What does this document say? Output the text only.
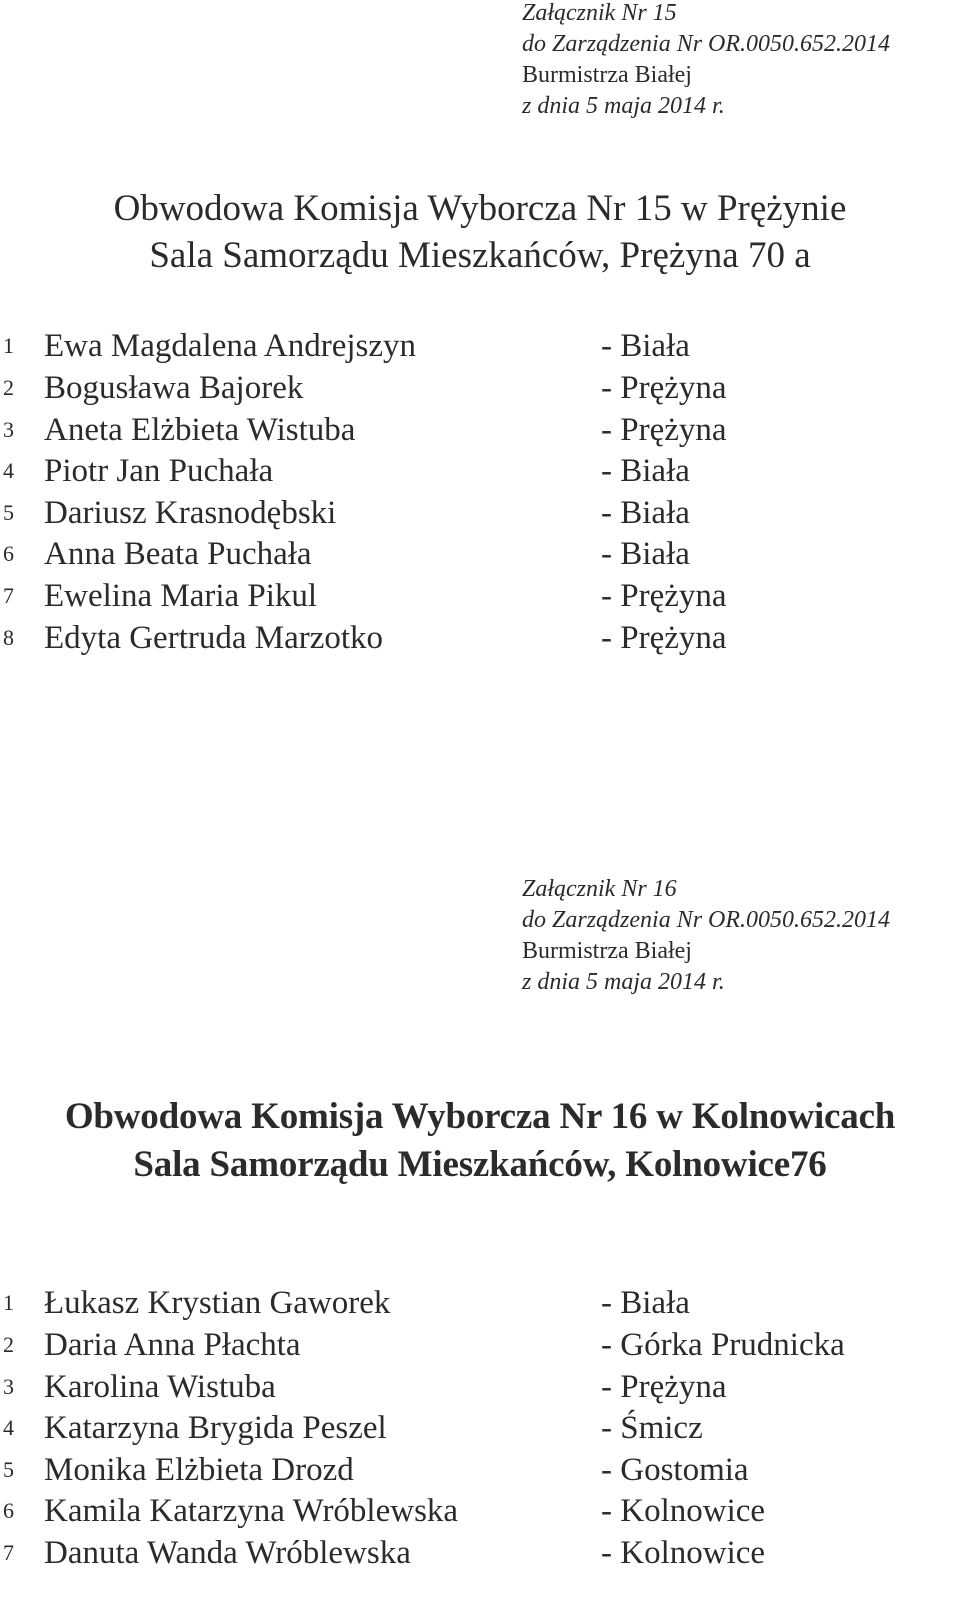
Załącznik Nr 15
do Zarządzenia Nr OR.0050.652.2014
Burmistrza Białej
z dnia 5 maja 2014 r.
Obwodowa Komisja Wyborcza Nr 15 w Prężynie
Sala Samorządu Mieszkańców, Prężyna 70 a
1 Ewa Magdalena Andrejszyn	- Biała
2 Bogusława Bajorek	- Prężyna
3 Aneta Elżbieta Wistuba	- Prężyna
4 Piotr Jan Puchała	- Biała
5 Dariusz Krasnodębski	- Biała
6 Anna Beata Puchała	- Biała
7 Ewelina Maria Pikul	- Prężyna
8 Edyta Gertruda Marzotko	- Prężyna
Załącznik Nr 16
do Zarządzenia Nr OR.0050.652.2014
Burmistrza Białej
z dnia 5 maja 2014 r.
Obwodowa Komisja Wyborcza Nr 16 w Kolnowicach
Sala Samorządu Mieszkańców, Kolnowice76
1 Łukasz Krystian Gaworek	- Biała
2 Daria Anna Płachta	- Górka Prudnicka
3 Karolina Wistuba	- Prężyna
4 Katarzyna Brygida Peszel	- Śmicz
5 Monika Elżbieta Drozd	- Gostomia
6 Kamila Katarzyna Wróblewska	- Kolnowice
7 Danuta Wanda Wróblewska	- Kolnowice
